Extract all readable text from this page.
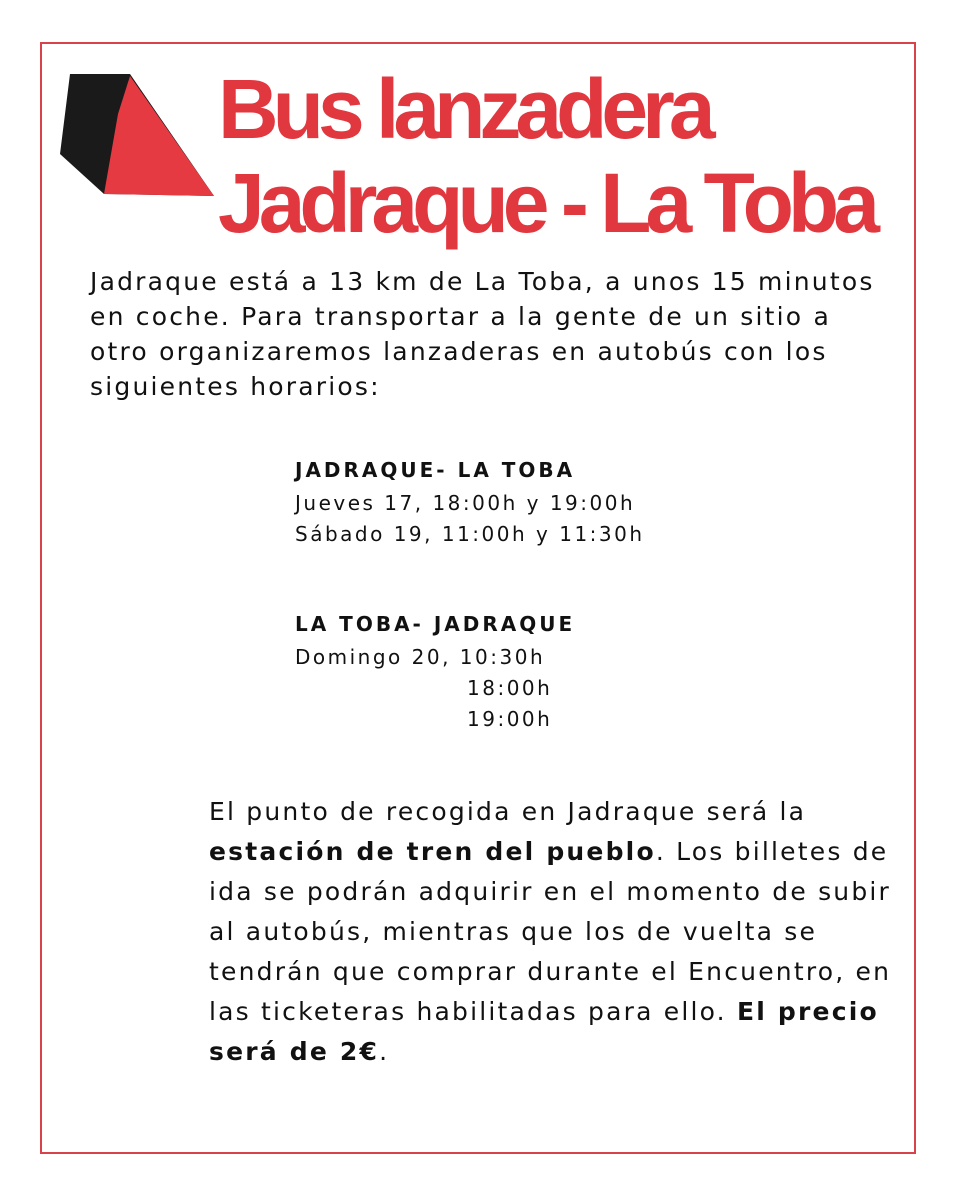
Bus lanzadera
Jadraque - La Toba

Jadraque está a 13 km de La Toba, a unos 15 minutos en coche. Para transportar a la gente de un sitio a otro organizaremos lanzaderas en autobús con los siguientes horarios:

JADRAQUE- LA TOBA
Jueves 17, 18:00h y 19:00h
Sábado 19, 11:00h y 11:30h
LA TOBA- JADRAQUE
Domingo 20, 10:30h
18:00h
19:00h

El punto de recogida en Jadraque será la estación de tren del pueblo. Los billetes de ida se podrán adquirir en el momento de subir al autobús, mientras que los de vuelta se tendrán que comprar durante el Encuentro, en las ticketeras habilitadas para ello. El precio será de 2€.
